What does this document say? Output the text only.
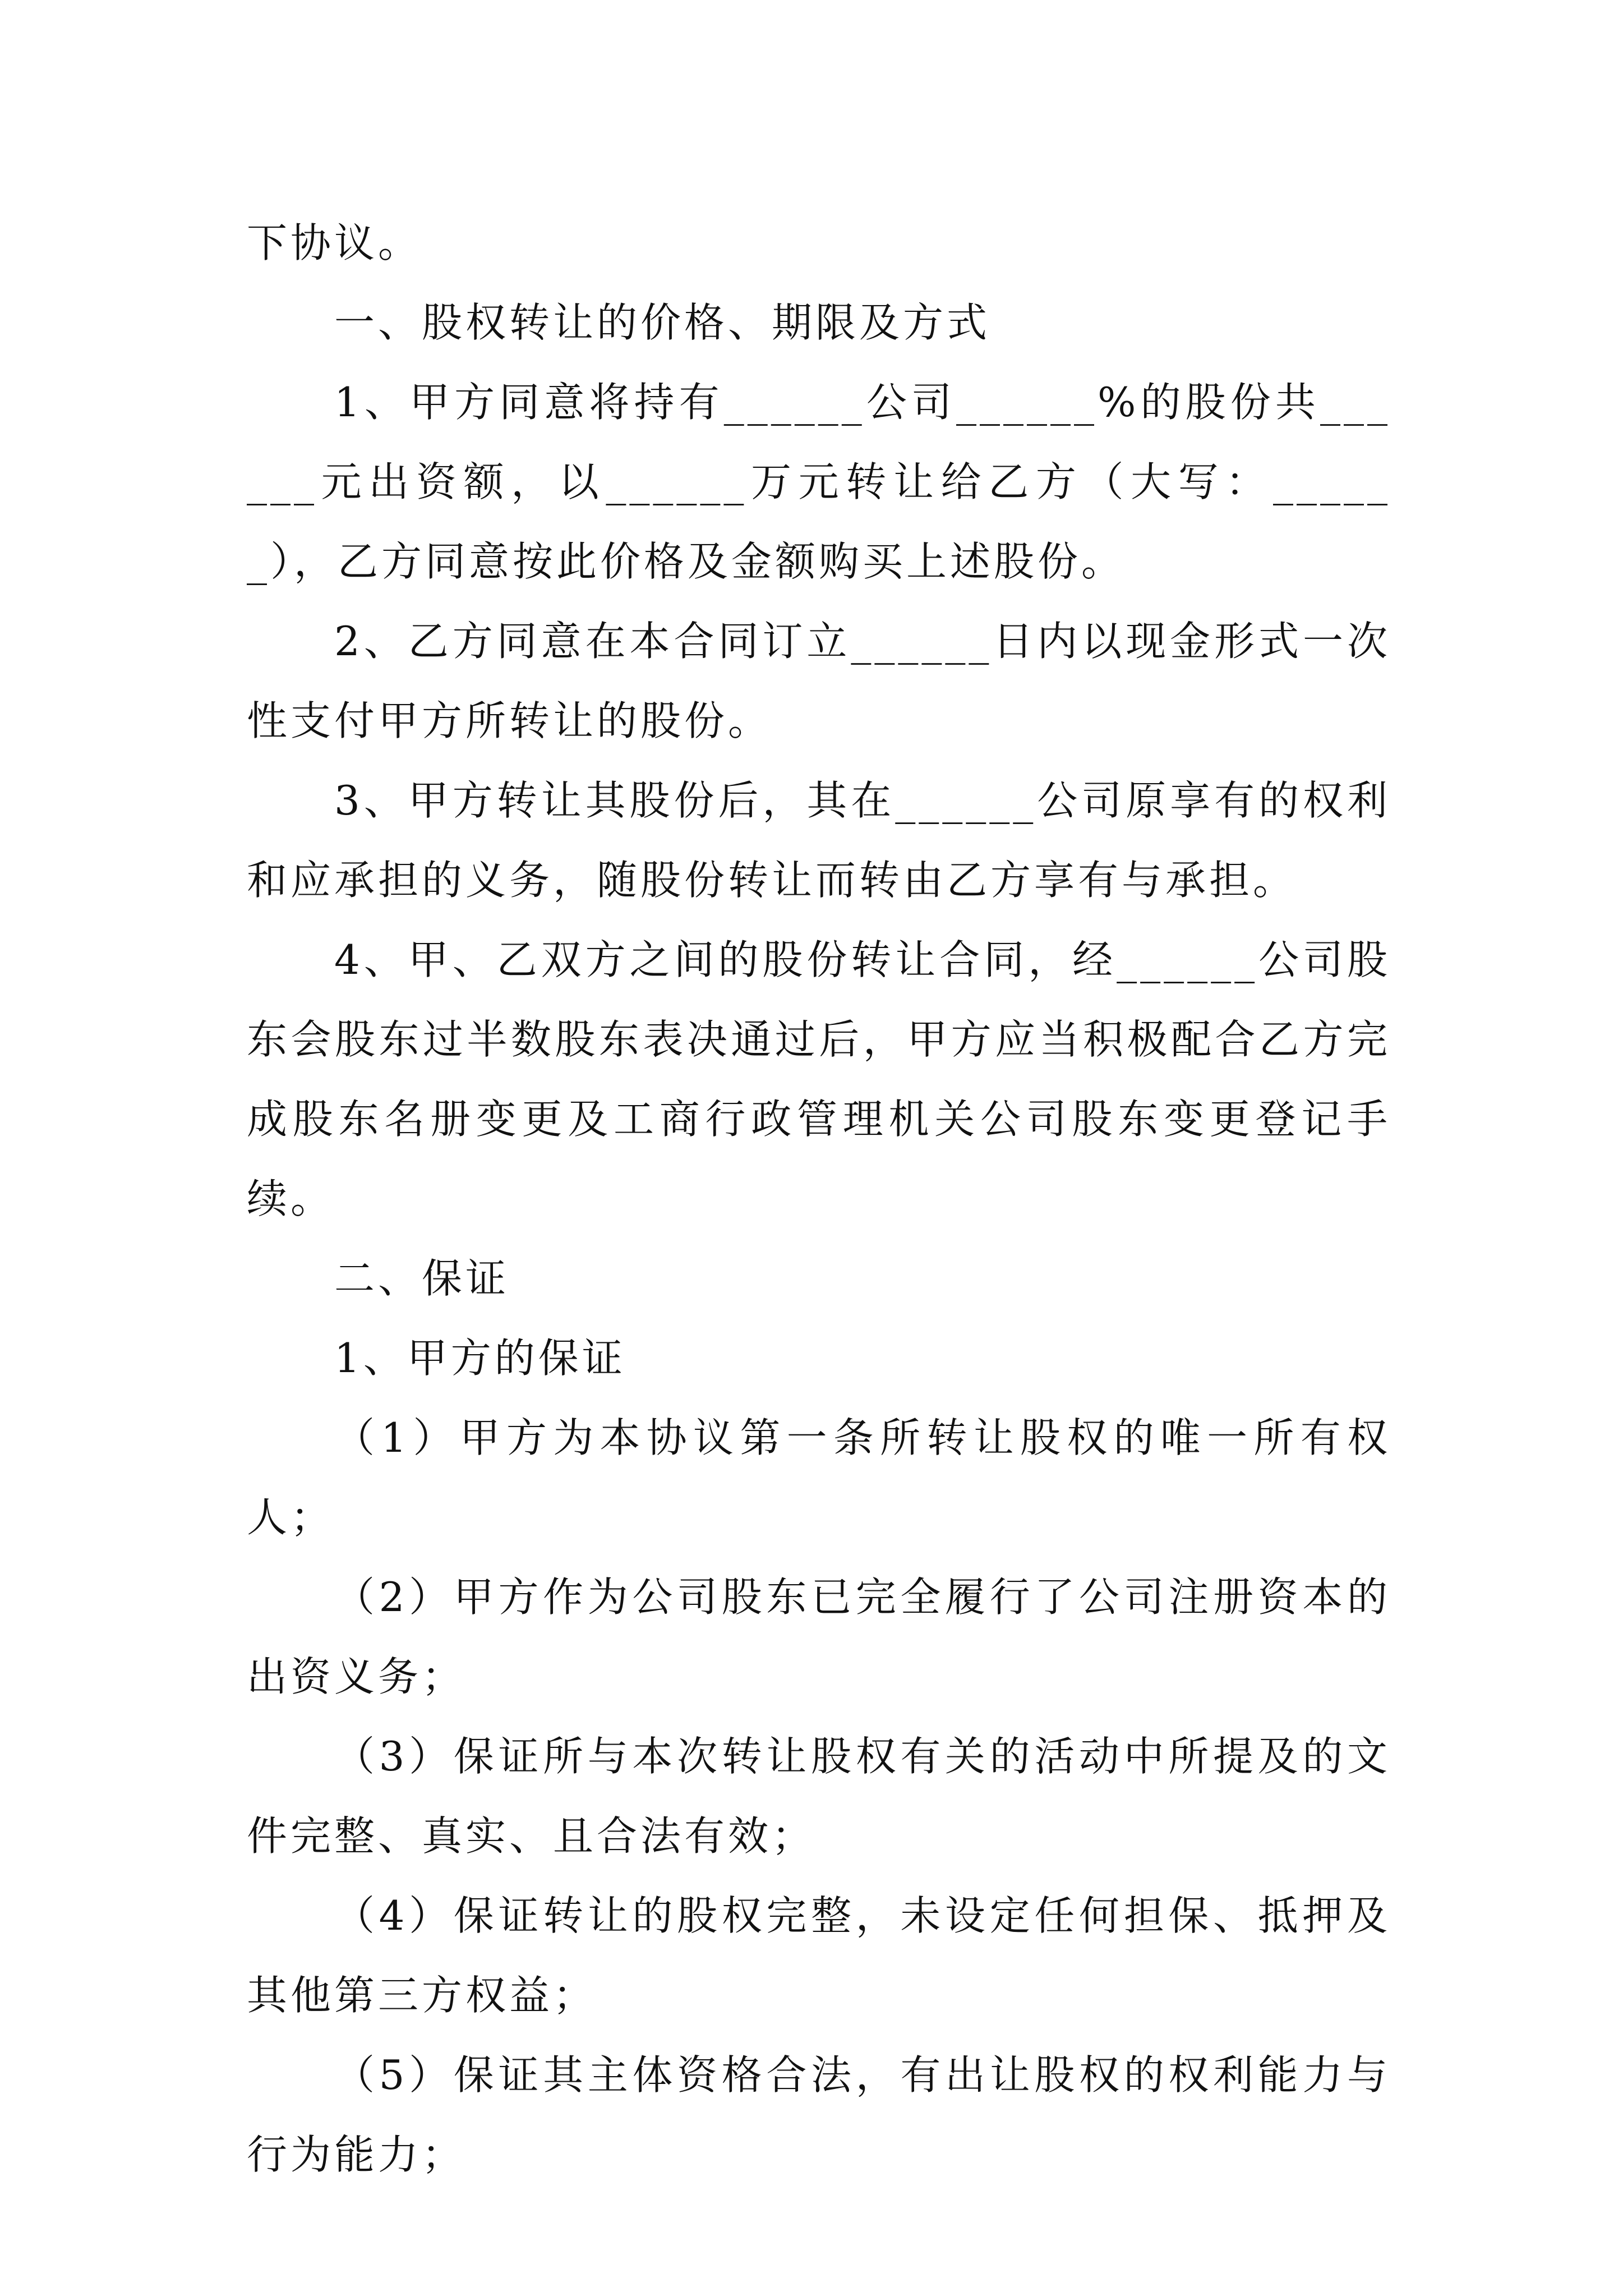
下协议。

一、股权转让的价格、期限及方式

1、甲方同意将持有______公司______%的股份共______元出资额，以______万元转让给乙方（大写：______），乙方同意按此价格及金额购买上述股份。

2、乙方同意在本合同订立______日内以现金形式一次性支付甲方所转让的股份。

3、甲方转让其股份后，其在______公司原享有的权利和应承担的义务，随股份转让而转由乙方享有与承担。

4、甲、乙双方之间的股份转让合同，经______公司股东会股东过半数股东表决通过后，甲方应当积极配合乙方完成股东名册变更及工商行政管理机关公司股东变更登记手续。

二、保证

1、甲方的保证

（1）甲方为本协议第一条所转让股权的唯一所有权人；

（2）甲方作为公司股东已完全履行了公司注册资本的出资义务；

（3）保证所与本次转让股权有关的活动中所提及的文件完整、真实、且合法有效；

（4）保证转让的股权完整，未设定任何担保、抵押及其他第三方权益；

（5）保证其主体资格合法，有出让股权的权利能力与行为能力；
